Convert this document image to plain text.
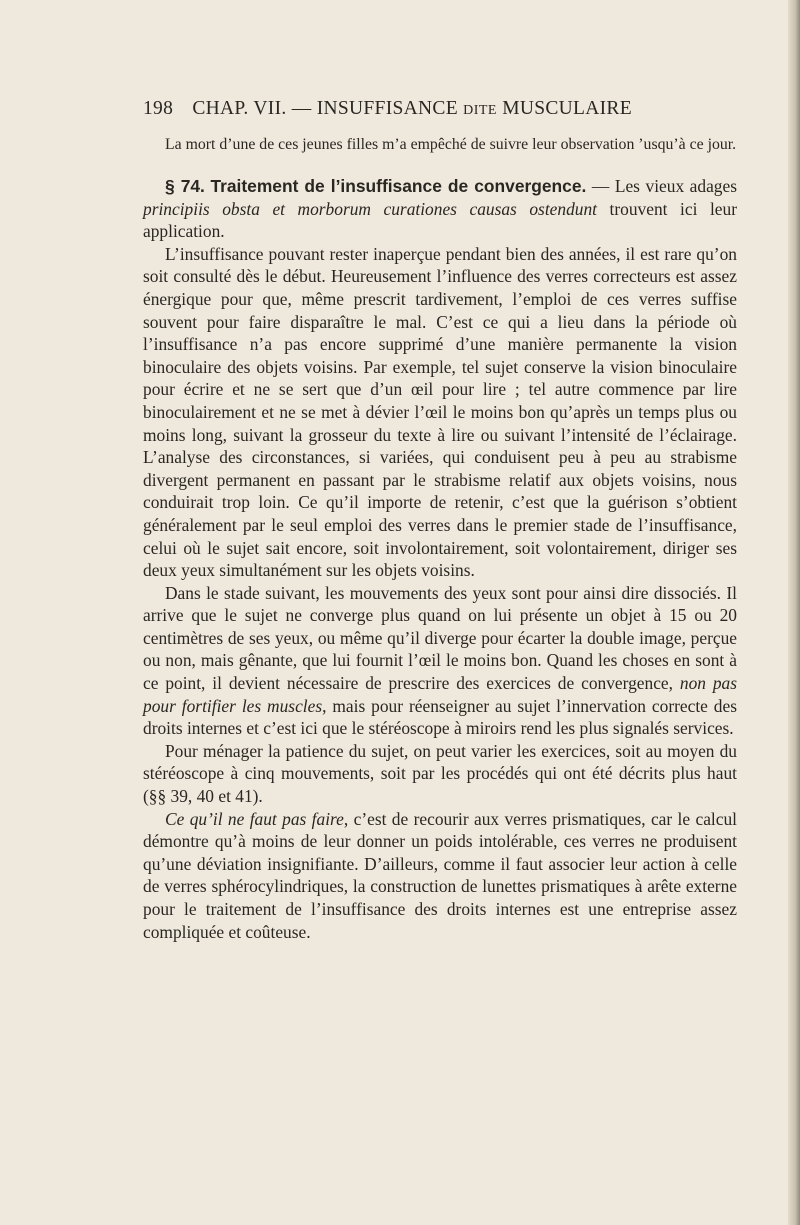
198 CHAP. VII. — INSUFFISANCE DITE MUSCULAIRE

La mort d’une de ces jeunes filles m’a empêché de suivre leur observation ’usqu’à ce jour.

§ 74. Traitement de l’insuffisance de convergence. — Les vieux adages principiis obsta et morborum curationes causas ostendunt trouvent ici leur application.

L’insuffisance pouvant rester inaperçue pendant bien des années, il est rare qu’on soit consulté dès le début. Heureusement l’influence des verres correcteurs est assez énergique pour que, même prescrit tardivement, l’emploi de ces verres suffise souvent pour faire disparaître le mal. C’est ce qui a lieu dans la période où l’insuffisance n’a pas encore supprimé d’une manière permanente la vision binoculaire des objets voisins. Par exemple, tel sujet conserve la vision binoculaire pour écrire et ne se sert que d’un œil pour lire ; tel autre commence par lire binoculairement et ne se met à dévier l’œil le moins bon qu’après un temps plus ou moins long, suivant la grosseur du texte à lire ou suivant l’intensité de l’éclairage. L’analyse des circonstances, si variées, qui conduisent peu à peu au strabisme divergent permanent en passant par le strabisme relatif aux objets voisins, nous conduirait trop loin. Ce qu’il importe de retenir, c’est que la guérison s’obtient généralement par le seul emploi des verres dans le premier stade de l’insuffisance, celui où le sujet sait encore, soit involontairement, soit volontairement, diriger ses deux yeux simultanément sur les objets voisins.

Dans le stade suivant, les mouvements des yeux sont pour ainsi dire dissociés. Il arrive que le sujet ne converge plus quand on lui présente un objet à 15 ou 20 centimètres de ses yeux, ou même qu’il diverge pour écarter la double image, perçue ou non, mais gênante, que lui fournit l’œil le moins bon. Quand les choses en sont à ce point, il devient nécessaire de prescrire des exercices de convergence, non pas pour fortifier les muscles, mais pour réenseigner au sujet l’innervation correcte des droits internes et c’est ici que le stéréoscope à miroirs rend les plus signalés services.

Pour ménager la patience du sujet, on peut varier les exercices, soit au moyen du stéréoscope à cinq mouvements, soit par les procédés qui ont été décrits plus haut (§§ 39, 40 et 41).

Ce qu’il ne faut pas faire, c’est de recourir aux verres prismatiques, car le calcul démontre qu’à moins de leur donner un poids intolérable, ces verres ne produisent qu’une déviation insignifiante. D’ailleurs, comme il faut associer leur action à celle de verres sphérocylindriques, la construction de lunettes prismatiques à arête externe pour le traitement de l’insuffisance des droits internes est une entreprise assez compliquée et coûteuse.
